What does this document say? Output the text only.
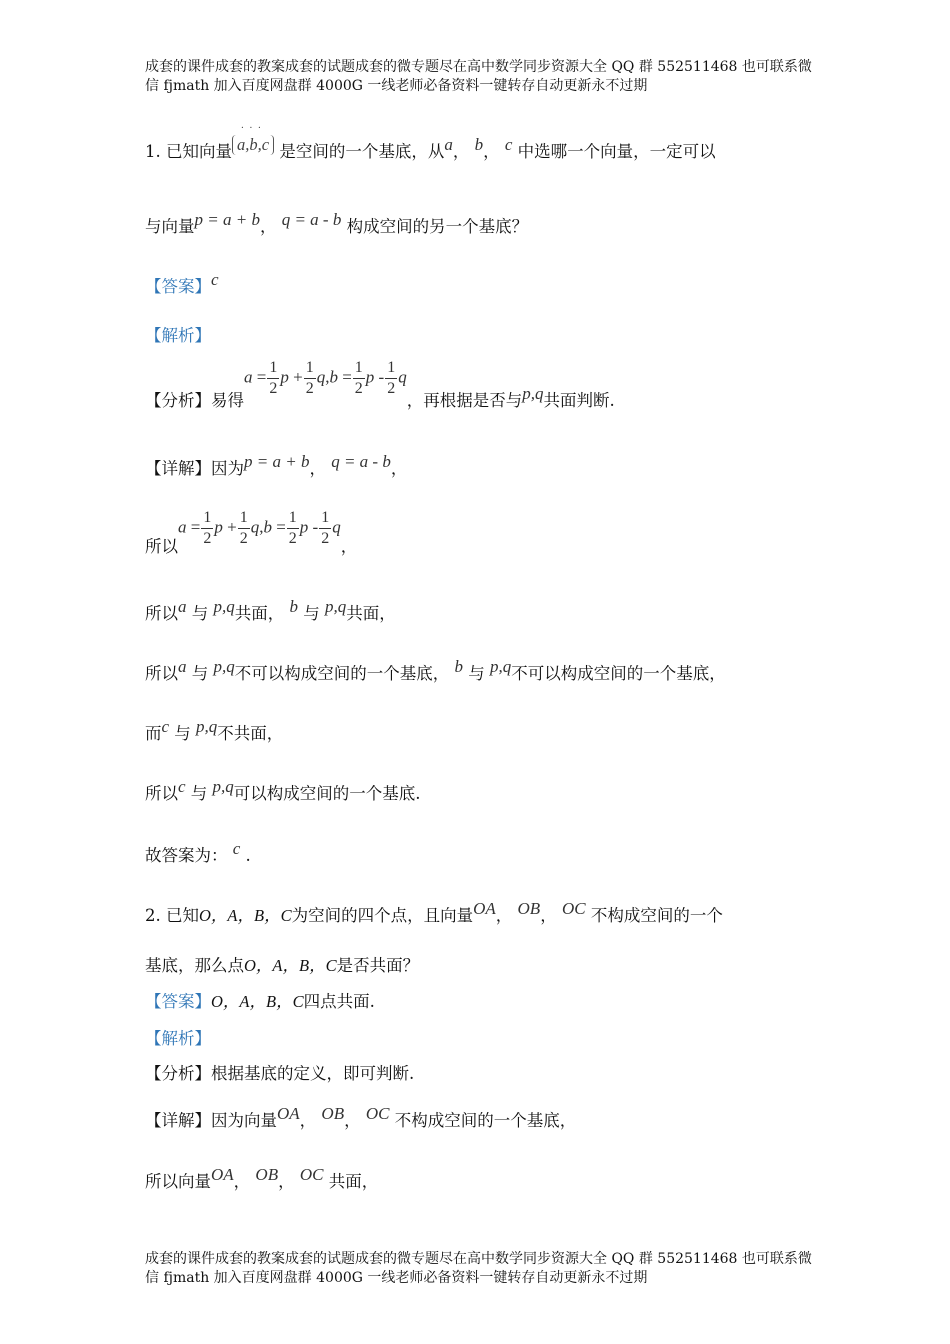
成套的课件成套的教案成套的试题成套的微专题尽在高中数学同步资源大全 QQ 群 552511468 也可联系微
信 fjmath 加入百度网盘群 4000G 一线老师必备资料一键转存自动更新永不过期
1. 已知向量
···
a,b,c 是空间的一个基底，从a， b， c 中选哪一个向量，一定可以
与向量p = a + b， q = a - b 构成空间的另一个基底？
【答案】c
【解析】
【分析】易得$a = \frac{1}{2}$ $p + \frac{1}{2} q,b = \frac{1}{2}$ p - $\frac{1}{2}$ q，再根据是否与p,q共面判断.
【详解】因为p = a + b， q = a - b，
所以$a = \frac{1}{2}$ $p + \frac{1}{2} q,b = \frac{1}{2}$ p - $\frac{1}{2}$ q，
所以a 与 p,q共面， b 与 p,q共面，
所以a 与 p,q不可以构成空间的一个基底， b 与 p,q不可以构成空间的一个基底，
而c 与 p,q不共面，
所以c 与 p,q可以构成空间的一个基底.
故答案为： c .
2. 已知O，A，B，C为空间的四个点，且向量OA， OB， OC 不构成空间的一个
基底，那么点O，A，B，C是否共面？
【答案】O，A，B，C四点共面.
【解析】
【分析】根据基底的定义，即可判断.
【详解】因为向量OA， OB， OC 不构成空间的一个基底，
所以向量OA， OB， OC 共面，
成套的课件成套的教案成套的试题成套的微专题尽在高中数学同步资源大全 QQ 群 552511468 也可联系微
信 fjmath 加入百度网盘群 4000G 一线老师必备资料一键转存自动更新永不过期
